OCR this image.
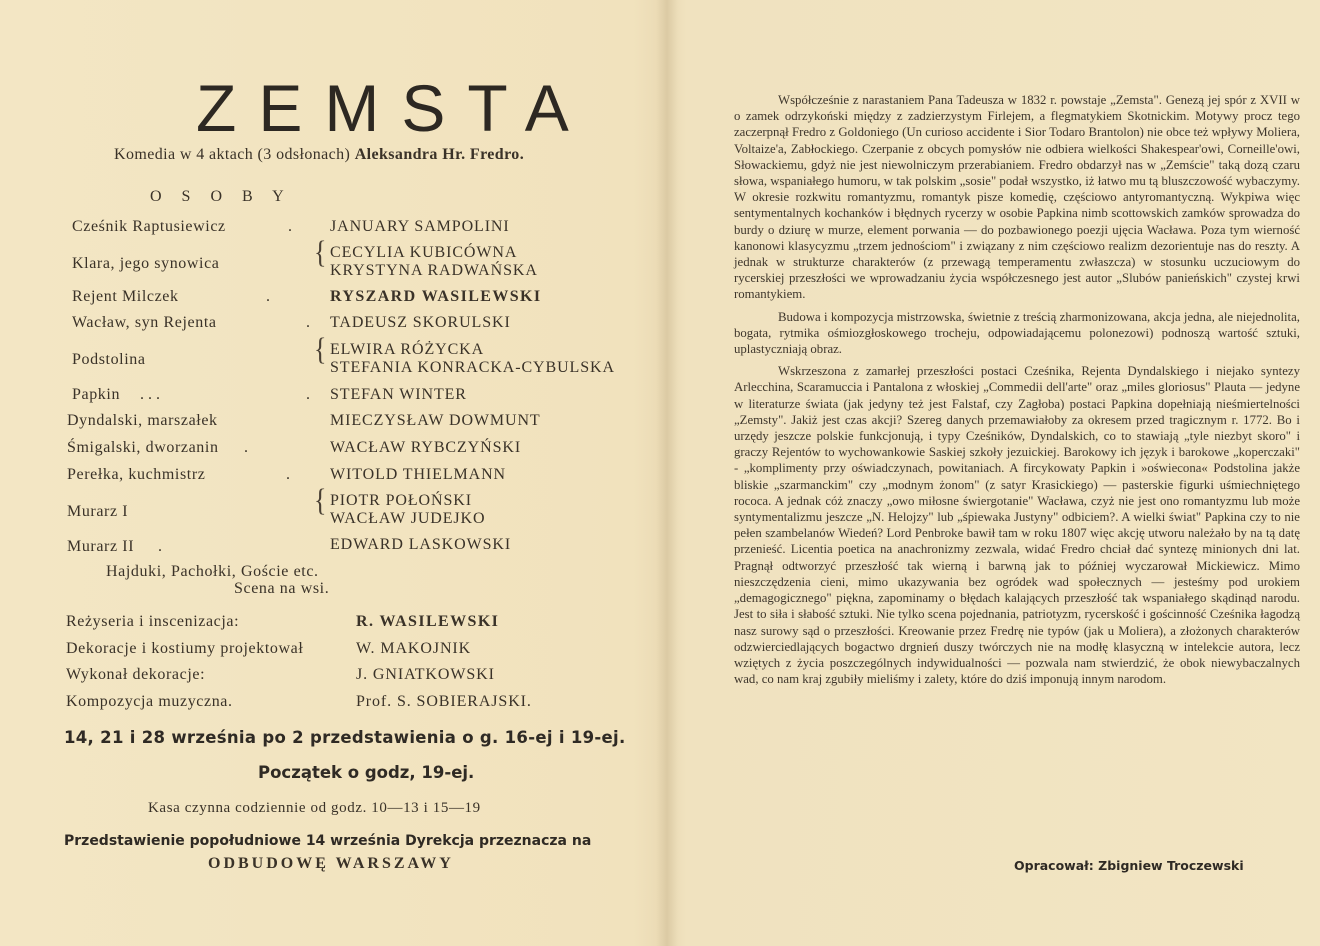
ZEMSTA
Komedia w 4 aktach (3 odsłonach) Aleksandra Hr. Fredro.
O S O B Y
Cześnik Raptusiewicz	. JANUARY SAMPOLINI
Klara, jego synowica	{ CECYLIA KUBICÓWNA
KRYSTYNA RADWAŃSKA
Rejent Milczek	.	RYSZARD WASILEWSKI
Wacław, syn Rejenta	. TADEUSZ SKORULSKI
Podstolina	{ ELWIRA RÓŻYCKA
STEFANIA KONRACKA-CYBULSKA
Papkin . . .	. STEFAN WINTER
Dyndalski, marszałek	MIECZYSŁAW DOWMUNT
Śmigalski, dworzanin .	WACŁAW RYBCZYŃSKI
Perełka, kuchmistrz	.	WITOLD THIELMANN
Murarz I	{ PIOTR POŁOŃSKI
WACŁAW JUDEJKO
Murarz II .	EDWARD LASKOWSKI
Hajduki, Pachołki, Goście etc.
Scena na wsi.
Reżyseria i inscenizacja:	R. WASILEWSKI
Dekoracje i kostiumy projektował	W. MAKOJNIK
Wykonał dekoracje:	J. GNIATKOWSKI
Kompozycja muzyczna.	Prof. S. SOBIERAJSKI.
14, 21 i 28 września po 2 przedstawienia o g. 16-ej i 19-ej.
Początek o godz, 19-ej.
Kasa czynna codziennie od godz. 10—13 i 15—19
Przedstawienie popołudniowe 14 września Dyrekcja przeznacza na
ODBUDOWĘ WARSZAWY

Współcześnie z narastaniem Pana Tadeusza w 1832 r. powstaje „Zemsta". Genezą jej spór z XVII w o zamek odrzykoński między z zadzierzystym Firlejem, a flegmatykiem Skotnickim. Motywy procz tego zaczerpnął Fredro z Goldoniego (Un curioso accidente i Sior Todaro Brantolon) nie obce też wpływy Moliera, Voltaize'a, Zabłockiego. Czerpanie z obcych pomysłów nie odbiera wielkości Shakespear'owi, Corneille'owi, Słowackiemu, gdyż nie jest niewolniczym przerabianiem. Fredro obdarzył nas w „Zemście" taką dozą czaru słowa, wspaniałego humoru, w tak polskim „sosie" podał wszystko, iż łatwo mu tą bluszczowość wybaczymy. W okresie rozkwitu romantyzmu, romantyk pisze komedię, częściowo antyromantyczną. Wykpiwa więc sentymentalnych kochanków i błędnych rycerzy w osobie Papkina nimb scottowskich zamków sprowadza do burdy o dziurę w murze, element porwania — do pozbawionego poezji ujęcia Wacława. Poza tym wierność kanonowi klasycyzmu „trzem jednościom" i związany z nim częściowo realizm dezorientuje nas do reszty. A jednak w strukturze charakterów (z przewagą temperamentu zwłaszcza) w stosunku uczuciowym do rycerskiej przeszłości we wprowadzaniu życia współczesnego jest autor „Slubów panieńskich" czystej krwi romantykiem.

Budowa i kompozycja mistrzowska, świetnie z treścią zharmonizowana, akcja jedna, ale niejednolita, bogata, rytmika ośmiozgłoskowego trocheju, odpowiadającemu polonezowi) podnoszą wartość sztuki, uplastyczniają obraz.

Wskrzeszona z zamarłej przeszłości postaci Cześnika, Rejenta Dyndalskiego i niejako syntezy Arlecchina, Scaramuccia i Pantalona z włoskiej „Commedii dell'arte" oraz „miles gloriosus" Plauta — jedyne w literaturze świata (jak jedyny też jest Falstaf, czy Zagłoba) postaci Papkina dopełniają nieśmiertelności „Zemsty". Jakiż jest czas akcji? Szereg danych przemawiałoby za okresem przed tragicznym r. 1772. Bo i urzędy jeszcze polskie funkcjonują, i typy Cześników, Dyndalskich, co to stawiają „tyle niezbyt skoro" i graczy Rejentów to wychowankowie Saskiej szkoły jezuickiej. Barokowy ich język i barokowe „koperczaki" - „komplimenty przy oświadczynach, powitaniach. A fircykowaty Papkin i »oświecona« Podstolina jakże bliskie „szarmanckim" czy „modnym żonom" (z satyr Krasickiego) — pasterskie figurki uśmiechniętego rococa. A jednak cóż znaczy „owo miłosne świergotanie" Wacława, czyż nie jest ono romantyzmu lub może syntymentalizmu jeszcze „N. Helojzy" lub „śpiewaka Justyny" odbiciem?. A wielki świat" Papkina czy to nie pełen szambelanów Wiedeń? Lord Penbroke bawił tam w roku 1807 więc akcję utworu należało by na tą datę przenieść. Licentia poetica na anachronizmy zezwala, widać Fredro chciał dać syntezę minionych dni lat. Pragnął odtworzyć przeszłość tak wierną i barwną jak to później wyczarował Mickiewicz. Mimo nieszczędzenia cieni, mimo ukazywania bez ogródek wad społecznych — jesteśmy pod urokiem „demagogicznego" piękna, zapominamy o błędach kalających przeszłość tak wspaniałego skądinąd narodu. Jest to siła i słabość sztuki. Nie tylko scena pojednania, patriotyzm, rycerskość i gościnność Cześnika łagodzą nasz surowy sąd o przeszłości. Kreowanie przez Fredrę nie typów (jak u Moliera), a złożonych charakterów odzwierciedlających bogactwo drgnień duszy twórczych nie na modłę klasyczną w intelekcie autora, lecz wziętych z życia poszczególnych indywidualności — pozwala nam stwierdzić, że obok niewybaczalnych wad, co nam kraj zgubiły mieliśmy i zalety, które do dziś imponują innym narodom.

Opracował: Zbigniew Troczewski
